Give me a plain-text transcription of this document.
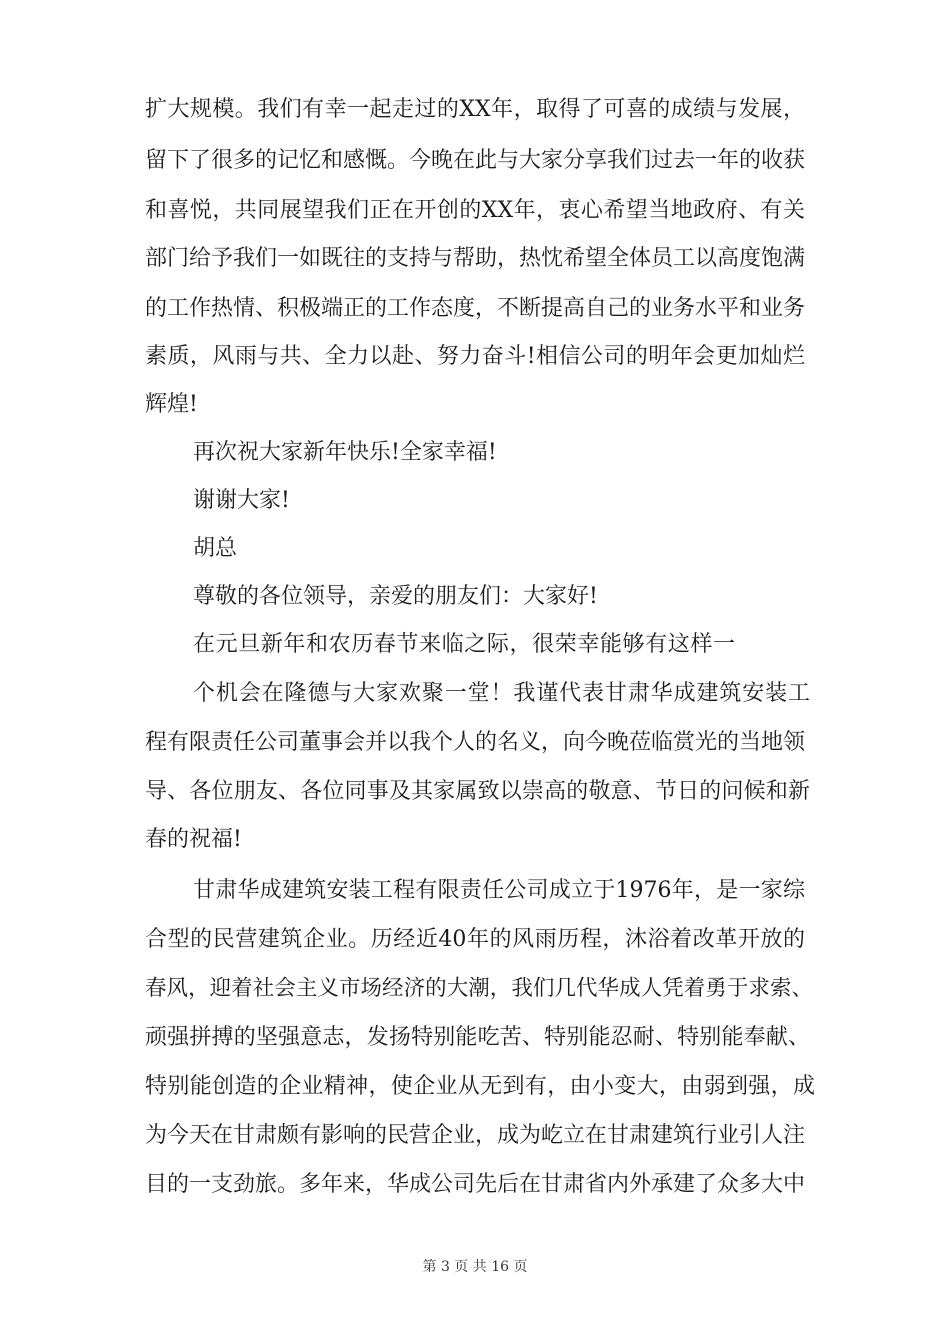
扩大规模。我们有幸一起走过的XX年，取得了可喜的成绩与发展，
留下了很多的记忆和感慨。今晚在此与大家分享我们过去一年的收获
和喜悦，共同展望我们正在开创的XX年，衷心希望当地政府、有关
部门给予我们一如既往的支持与帮助，热忱希望全体员工以高度饱满
的工作热情、积极端正的工作态度，不断提高自己的业务水平和业务
素质，风雨与共、全力以赴、努力奋斗!相信公司的明年会更加灿烂
辉煌!
再次祝大家新年快乐!全家幸福!
谢谢大家!
胡总
尊敬的各位领导，亲爱的朋友们：大家好!
在元旦新年和农历春节来临之际，很荣幸能够有这样一
个机会在隆德与大家欢聚一堂！我谨代表甘肃华成建筑安装工
程有限责任公司董事会并以我个人的名义，向今晚莅临赏光的当地领
导、各位朋友、各位同事及其家属致以崇高的敬意、节日的问候和新
春的祝福!
甘肃华成建筑安装工程有限责任公司成立于1976年，是一家综
合型的民营建筑企业。历经近40年的风雨历程，沐浴着改革开放的
春风，迎着社会主义市场经济的大潮，我们几代华成人凭着勇于求索、
顽强拼搏的坚强意志，发扬特别能吃苦、特别能忍耐、特别能奉献、
特别能创造的企业精神，使企业从无到有，由小变大，由弱到强，成
为今天在甘肃颇有影响的民营企业，成为屹立在甘肃建筑行业引人注
目的一支劲旅。多年来，华成公司先后在甘肃省内外承建了众多大中
第 3 页 共 16 页
